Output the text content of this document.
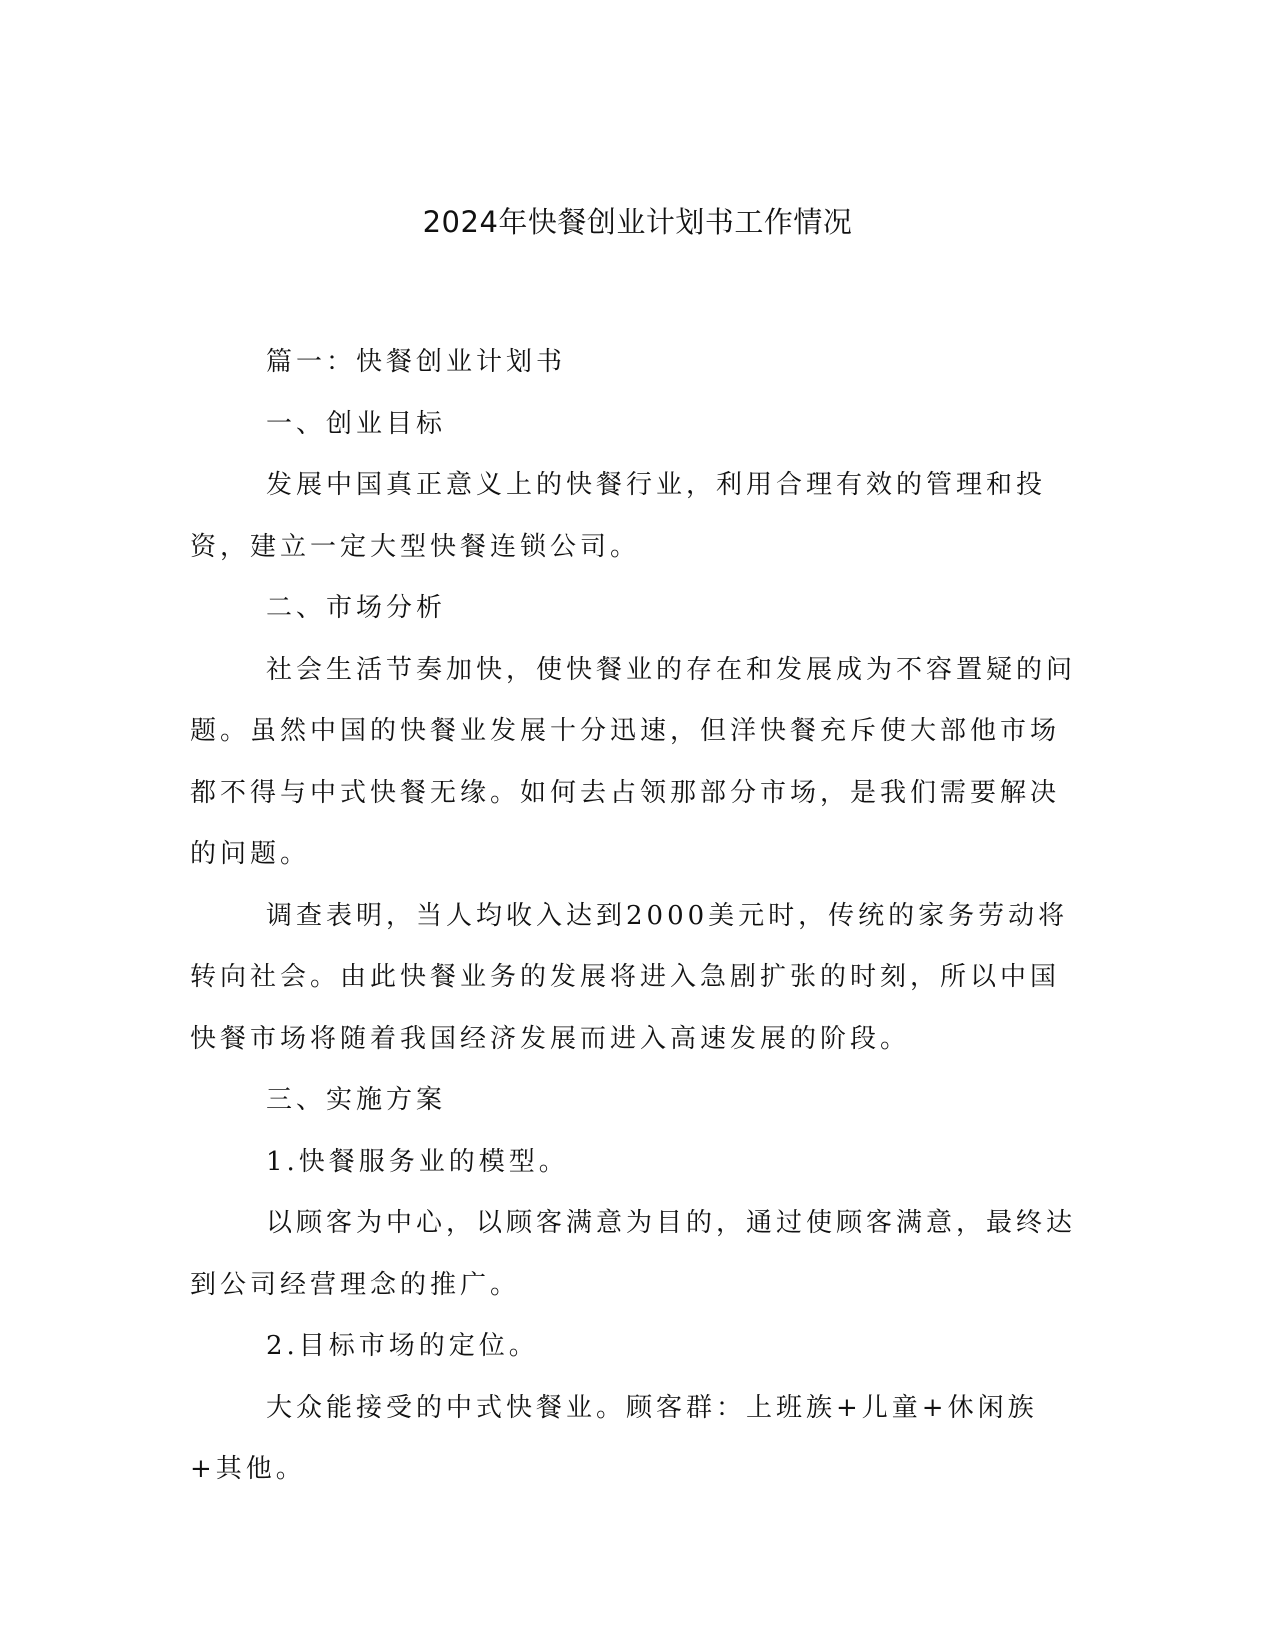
2024年快餐创业计划书工作情况

篇一：快餐创业计划书

一、创业目标

发展中国真正意义上的快餐行业，利用合理有效的管理和投资，建立一定大型快餐连锁公司。

二、市场分析

社会生活节奏加快，使快餐业的存在和发展成为不容置疑的问题。虽然中国的快餐业发展十分迅速，但洋快餐充斥使大部他市场都不得与中式快餐无缘。如何去占领那部分市场，是我们需要解决的问题。

调查表明，当人均收入达到2000美元时，传统的家务劳动将转向社会。由此快餐业务的发展将进入急剧扩张的时刻，所以中国快餐市场将随着我国经济发展而进入高速发展的阶段。

三、实施方案

1.快餐服务业的模型。

以顾客为中心，以顾客满意为目的，通过使顾客满意，最终达到公司经营理念的推广。

2.目标市场的定位。

大众能接受的中式快餐业。顾客群：上班族+儿童+休闲族+其他。
